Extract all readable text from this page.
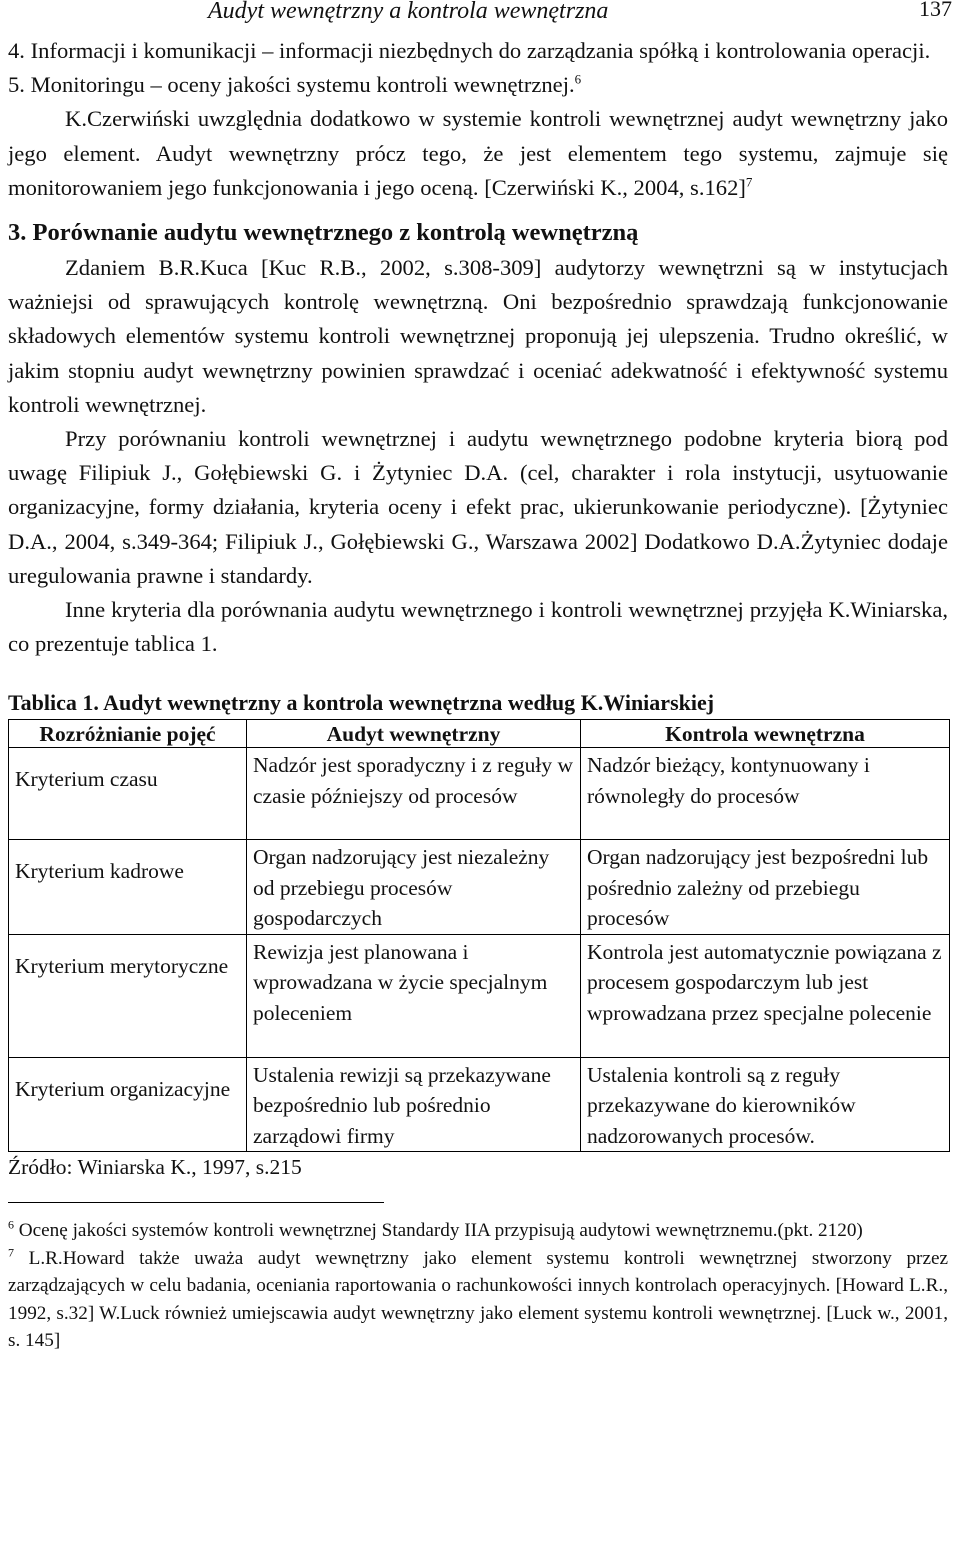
Audyt wewnętrzny a kontrola wewnętrzna	137

4. Informacji i komunikacji – informacji niezbędnych do zarządzania spółką i kontrolowania operacji.

5. Monitoringu – oceny jakości systemu kontroli wewnętrznej.$^6$

K.Czerwiński uwzględnia dodatkowo w systemie kontroli wewnętrznej audyt wewnętrzny jako jego element. Audyt wewnętrzny prócz tego, że jest elementem tego systemu, zajmuje się monitorowaniem jego funkcjonowania i jego oceną. [Czerwiński K., 2004, s.162]$^7$

3. Porównanie audytu wewnętrznego z kontrolą wewnętrzną

Zdaniem B.R.Kuca [Kuc R.B., 2002, s.308-309] audytorzy wewnętrzni są w instytucjach ważniejsi od sprawujących kontrolę wewnętrzną. Oni bezpośrednio sprawdzają funkcjonowanie składowych elementów systemu kontroli wewnętrznej proponują jej ulepszenia. Trudno określić, w jakim stopniu audyt wewnętrzny powinien sprawdzać i oceniać adekwatność i efektywność systemu kontroli wewnętrznej.

Przy porównaniu kontroli wewnętrznej i audytu wewnętrznego podobne kryteria biorą pod uwagę Filipiuk J., Gołębiewski G. i Żytyniec D.A. (cel, charakter i rola instytucji, usytuowanie organizacyjne, formy działania, kryteria oceny i efekt prac, ukierunkowanie periodyczne). [Żytyniec D.A., 2004, s.349-364; Filipiuk J., Gołębiewski G., Warszawa 2002] Dodatkowo D.A.Żytyniec dodaje uregulowania prawne i standardy.

Inne kryteria dla porównania audytu wewnętrznego i kontroli wewnętrznej przyjęła K.Winiarska, co prezentuje tablica 1.

Tablica 1. Audyt wewnętrzny a kontrola wewnętrzna według K.Winiarskiej
Rozróżnianie pojęć	Audyt wewnętrzny	Kontrola wewnętrzna

Kryterium czasu	Nadzór jest sporadyczny i z reguły w czasie późniejszy od procesów	Nadzór bieżący, kontynuowany i równoległy do procesów

Kryterium kadrowe	Organ nadzorujący jest niezależny od przebiegu procesów gospodarczych	Organ nadzorujący jest bezpośredni lub pośrednio zależny od przebiegu procesów

Kryterium merytoryczne	Rewizja jest planowana i wprowadzana w życie specjalnym poleceniem	Kontrola jest automatycznie powiązana z procesem gospodarczym lub jest wprowadzana przez specjalne polecenie

Kryterium organizacyjne	Ustalenia rewizji są przekazywane bezpośrednio lub pośrednio zarządowi firmy	Ustalenia kontroli są z reguły przekazywane do kierowników nadzorowanych procesów.
Źródło: Winiarska K., 1997, s.215

$^6$ Ocenę jakości systemów kontroli wewnętrznej Standardy IIA przypisują audytowi wewnętrznemu.(pkt. 2120)

$^7$ L.R.Howard także uważa audyt wewnętrzny jako element systemu kontroli wewnętrznej stworzony przez zarządzających w celu badania, oceniania raportowania o rachunkowości innych kontrolach operacyjnych. [Howard L.R., 1992, s.32] W.Luck również umiejscawia audyt wewnętrzny jako element systemu kontroli wewnętrznej. [Luck w., 2001, s. 145]
